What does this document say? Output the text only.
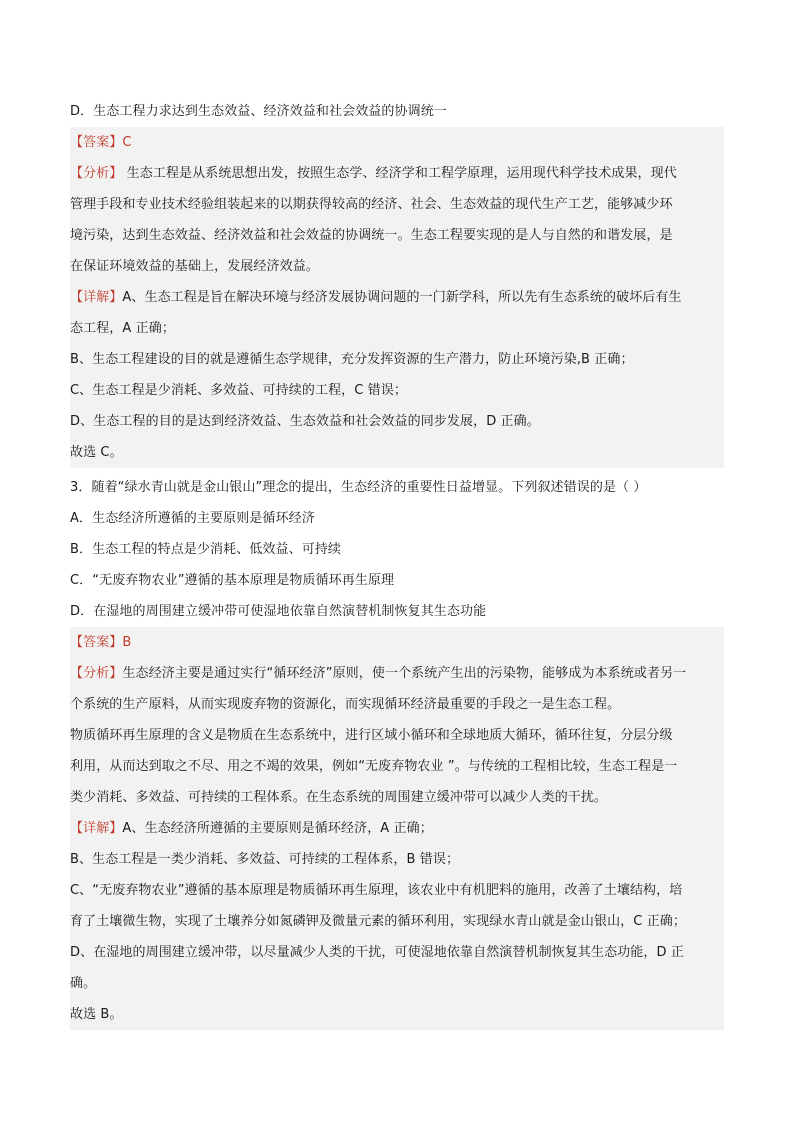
D．生态工程力求达到生态效益、经济效益和社会效益的协调统一
【答案】C
【分析】 生态工程是从系统思想出发，按照生态学、经济学和工程学原理，运用现代科学技术成果，现代
管理手段和专业技术经验组装起来的以期获得较高的经济、社会、生态效益的现代生产工艺，能够减少环
境污染，达到生态效益、经济效益和社会效益的协调统一。生态工程要实现的是人与自然的和谐发展，是
在保证环境效益的基础上，发展经济效益。
【详解】A、生态工程是旨在解决环境与经济发展协调问题的一门新学科，所以先有生态系统的破坏后有生
态工程，A 正确；
B、生态工程建设的目的就是遵循生态学规律，充分发挥资源的生产潜力，防止环境污染,B 正确；
C、生态工程是少消耗、多效益、可持续的工程，C 错误；
D、生态工程的目的是达到经济效益、生态效益和社会效益的同步发展，D 正确。
故选 C。
3．随着“绿水青山就是金山银山”理念的提出，生态经济的重要性日益增显。下列叙述错误的是（ ）
A．生态经济所遵循的主要原则是循环经济
B．生态工程的特点是少消耗、低效益、可持续
C．“无废弃物农业”遵循的基本原理是物质循环再生原理
D．在湿地的周围建立缓冲带可使湿地依靠自然演替机制恢复其生态功能
【答案】B
【分析】生态经济主要是通过实行“循环经济”原则，使一个系统产生出的污染物，能够成为本系统或者另一
个系统的生产原料，从而实现废弃物的资源化，而实现循环经济最重要的手段之一是生态工程。
物质循环再生原理的含义是物质在生态系统中，进行区域小循环和全球地质大循环，循环往复，分层分级
利用，从而达到取之不尽、用之不竭的效果，例如“无废弃物农业 ”。与传统的工程相比较，生态工程是一
类少消耗、多效益、可持续的工程体系。在生态系统的周围建立缓冲带可以减少人类的干扰。
【详解】A、生态经济所遵循的主要原则是循环经济，A 正确；
B、生态工程是一类少消耗、多效益、可持续的工程体系，B 错误；
C、“无废弃物农业”遵循的基本原理是物质循环再生原理，该农业中有机肥料的施用，改善了土壤结构，培
育了土壤微生物，实现了土壤养分如氮磷钾及微量元素的循环利用，实现绿水青山就是金山银山，C 正确；
D、在湿地的周围建立缓冲带，以尽量减少人类的干扰，可使湿地依靠自然演替机制恢复其生态功能，D 正
确。
故选 B。
